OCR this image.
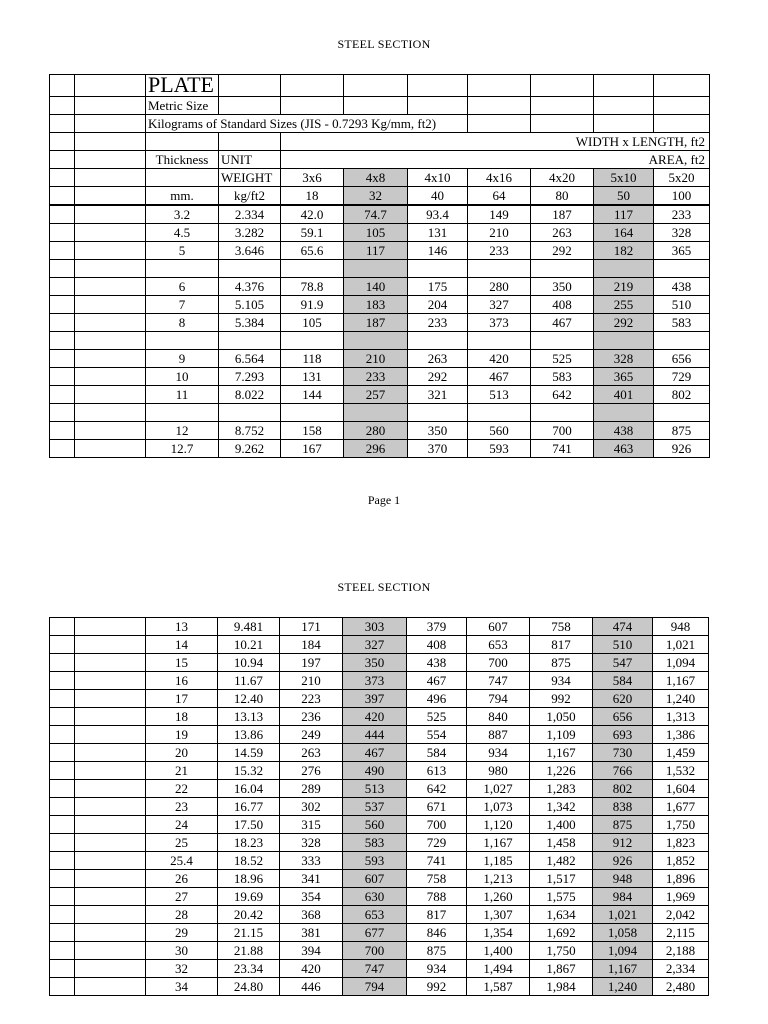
STEEL SECTION
		PLATE								
		Metric Size								
		Kilograms of Standard Sizes (JIS - 0.7293 Kg/mm, ft2)								
				WIDTH x LENGTH, ft2						
		Thickness	UNIT	AREA, ft2						
			WEIGHT	3x6	4x8	4x10	4x16	4x20	5x10	5x20
		mm.	kg/ft2	18	32	40	64	80	50	100
		3.2	2.334	42.0	74.7	93.4	149	187	117	233
		4.5	3.282	59.1	105	131	210	263	164	328
		5	3.646	65.6	117	146	233	292	182	365

		6	4.376	78.8	140	175	280	350	219	438
		7	5.105	91.9	183	204	327	408	255	510
		8	5.384	105	187	233	373	467	292	583

		9	6.564	118	210	263	420	525	328	656
		10	7.293	131	233	292	467	583	365	729
		11	8.022	144	257	321	513	642	401	802

		12	8.752	158	280	350	560	700	438	875
		12.7	9.262	167	296	370	593	741	463	926
Page 1
STEEL SECTION
		13	9.481	171	303	379	607	758	474	948
		14	10.21	184	327	408	653	817	510	1,021
		15	10.94	197	350	438	700	875	547	1,094
		16	11.67	210	373	467	747	934	584	1,167
		17	12.40	223	397	496	794	992	620	1,240
		18	13.13	236	420	525	840	1,050	656	1,313
		19	13.86	249	444	554	887	1,109	693	1,386
		20	14.59	263	467	584	934	1,167	730	1,459
		21	15.32	276	490	613	980	1,226	766	1,532
		22	16.04	289	513	642	1,027	1,283	802	1,604
		23	16.77	302	537	671	1,073	1,342	838	1,677
		24	17.50	315	560	700	1,120	1,400	875	1,750
		25	18.23	328	583	729	1,167	1,458	912	1,823
		25.4	18.52	333	593	741	1,185	1,482	926	1,852
		26	18.96	341	607	758	1,213	1,517	948	1,896
		27	19.69	354	630	788	1,260	1,575	984	1,969
		28	20.42	368	653	817	1,307	1,634	1,021	2,042
		29	21.15	381	677	846	1,354	1,692	1,058	2,115
		30	21.88	394	700	875	1,400	1,750	1,094	2,188
		32	23.34	420	747	934	1,494	1,867	1,167	2,334
		34	24.80	446	794	992	1,587	1,984	1,240	2,480
